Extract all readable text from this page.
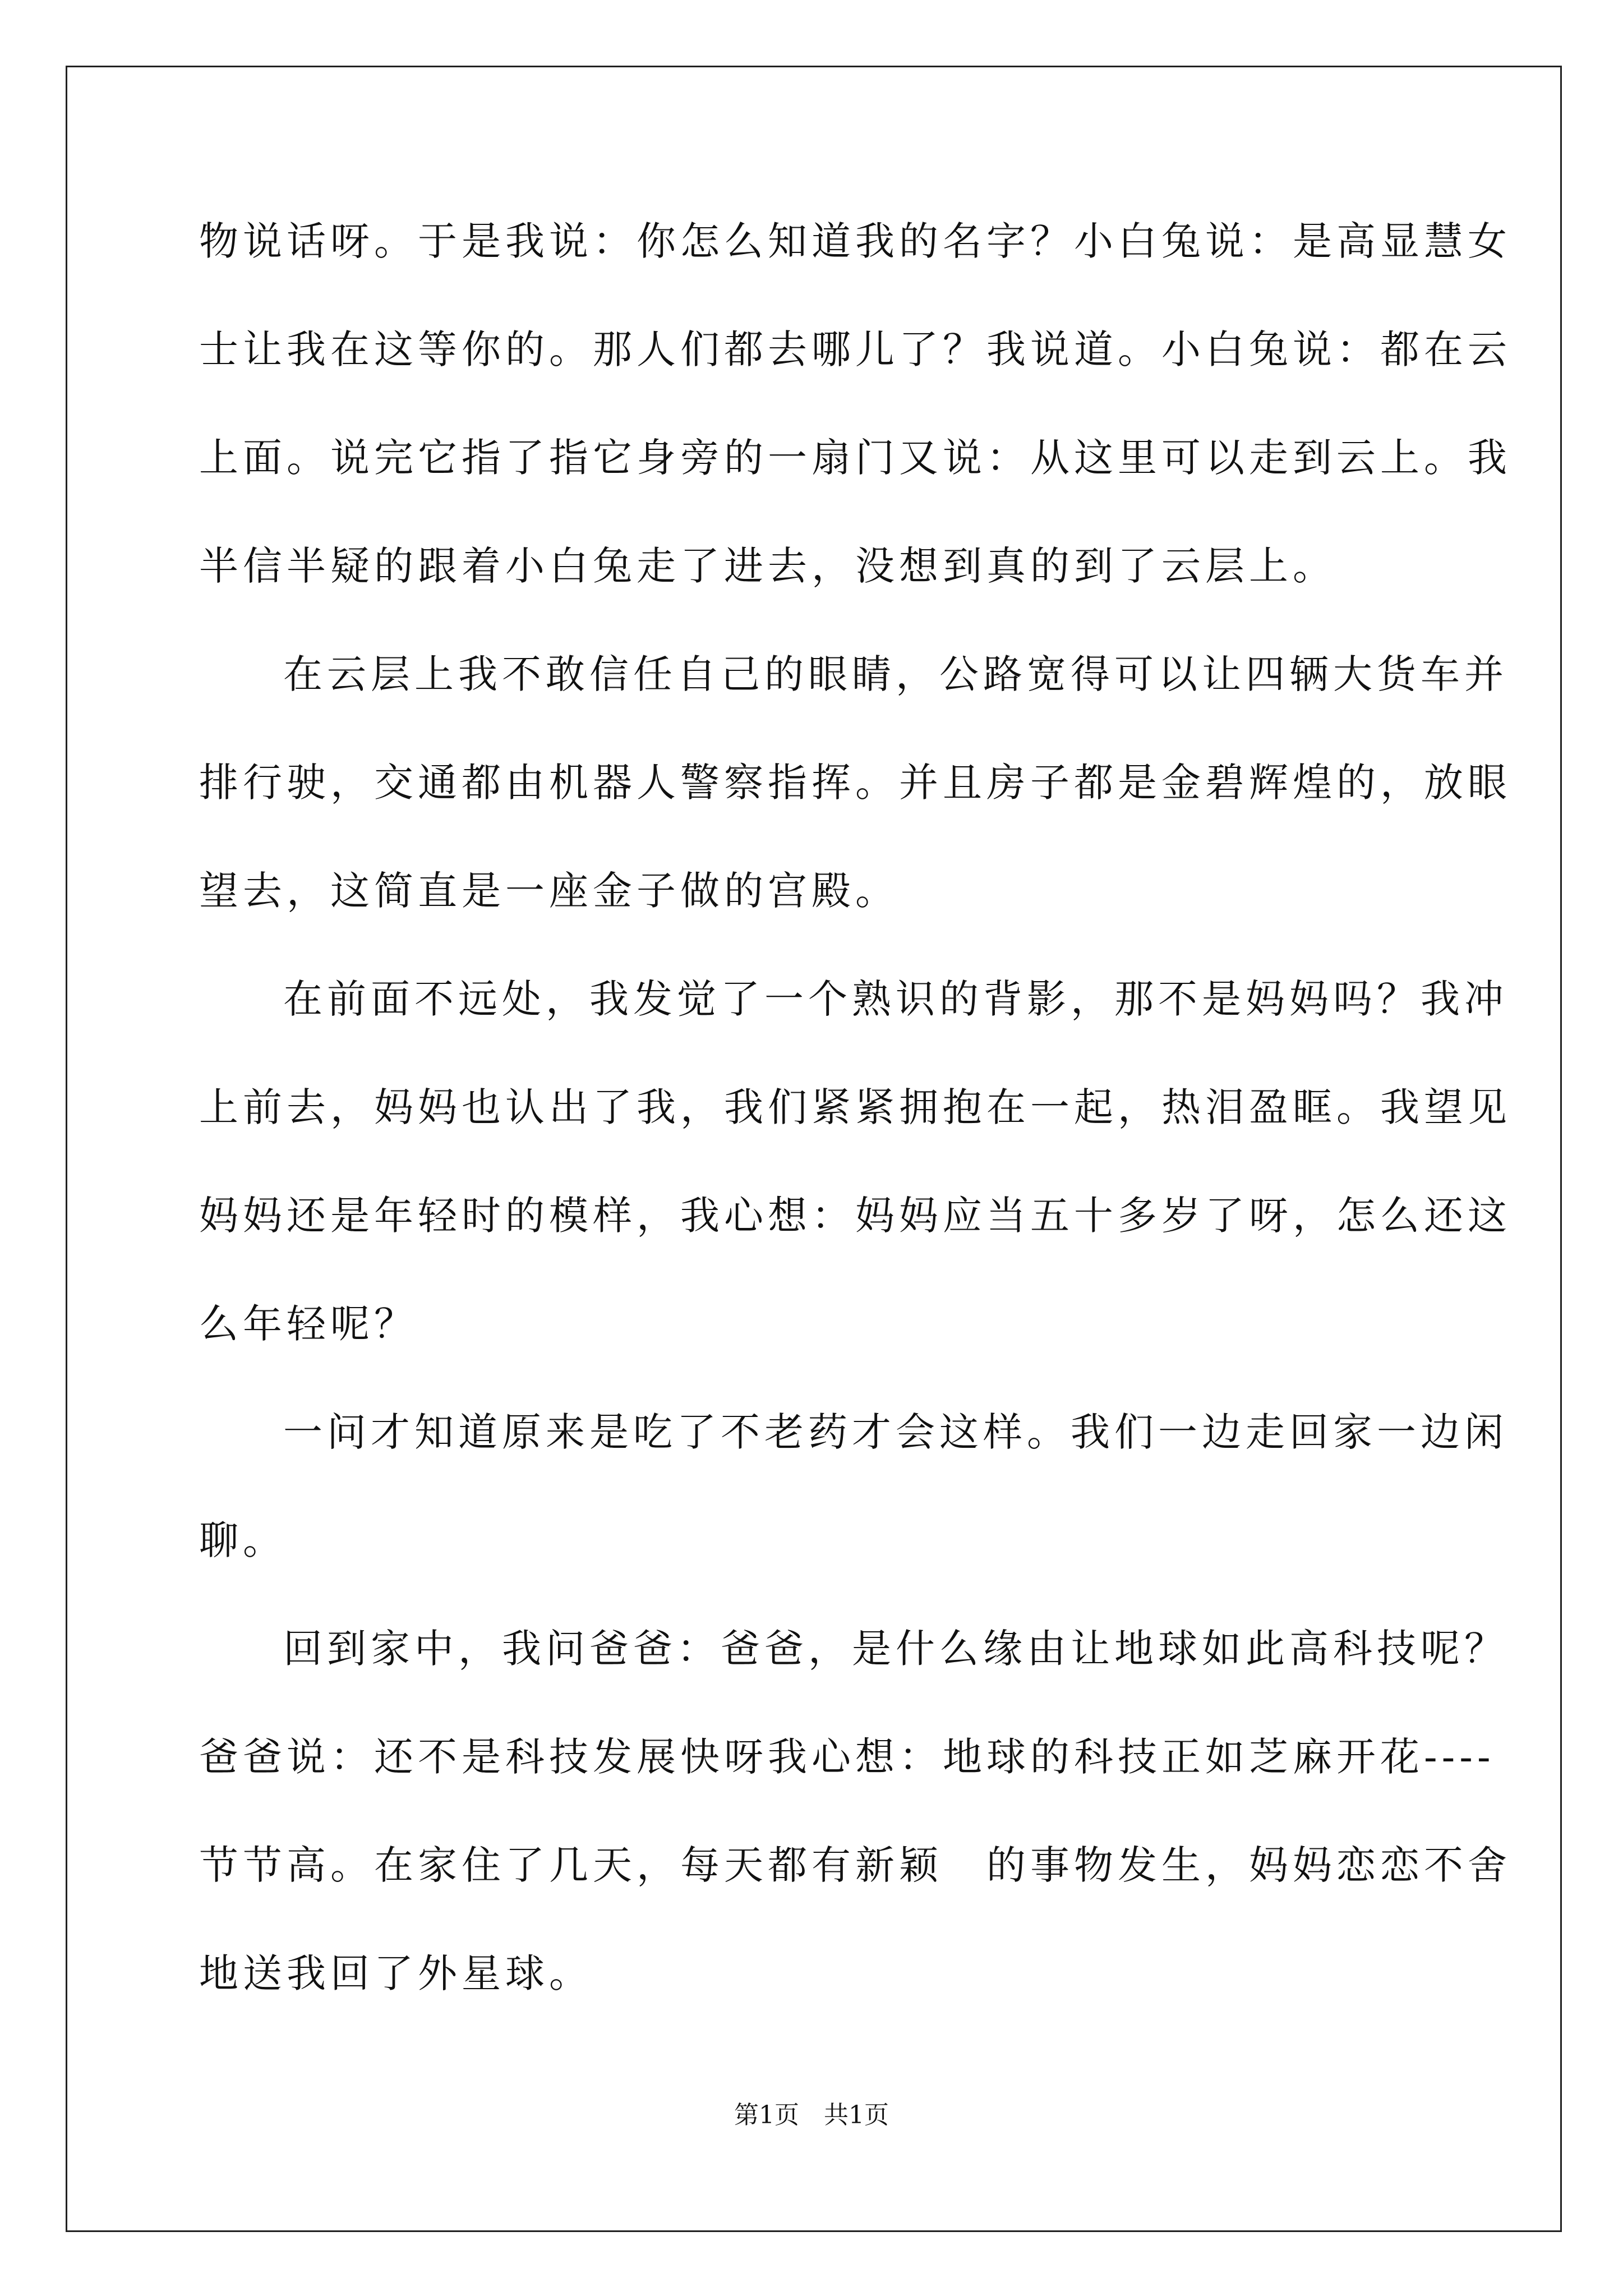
物说话呀。于是我说：你怎么知道我的名字？小白兔说：是高显慧女
士让我在这等你的。那人们都去哪儿了？我说道。小白兔说：都在云
上面。说完它指了指它身旁的一扇门又说：从这里可以走到云上。我
半信半疑的跟着小白兔走了进去，没想到真的到了云层上。
在云层上我不敢信任自己的眼睛，公路宽得可以让四辆大货车并
排行驶，交通都由机器人警察指挥。并且房子都是金碧辉煌的，放眼
望去，这简直是一座金子做的宫殿。
在前面不远处，我发觉了一个熟识的背影，那不是妈妈吗？我冲
上前去，妈妈也认出了我，我们紧紧拥抱在一起，热泪盈眶。我望见
妈妈还是年轻时的模样，我心想：妈妈应当五十多岁了呀，怎么还这
么年轻呢？
一问才知道原来是吃了不老药才会这样。我们一边走回家一边闲
聊。
回到家中，我问爸爸：爸爸，是什么缘由让地球如此高科技呢？
爸爸说：还不是科技发展快呀我心想：地球的科技正如芝麻开花----
节节高。在家住了几天，每天都有新颖　的事物发生，妈妈恋恋不舍
地送我回了外星球。
第1页　共1页
